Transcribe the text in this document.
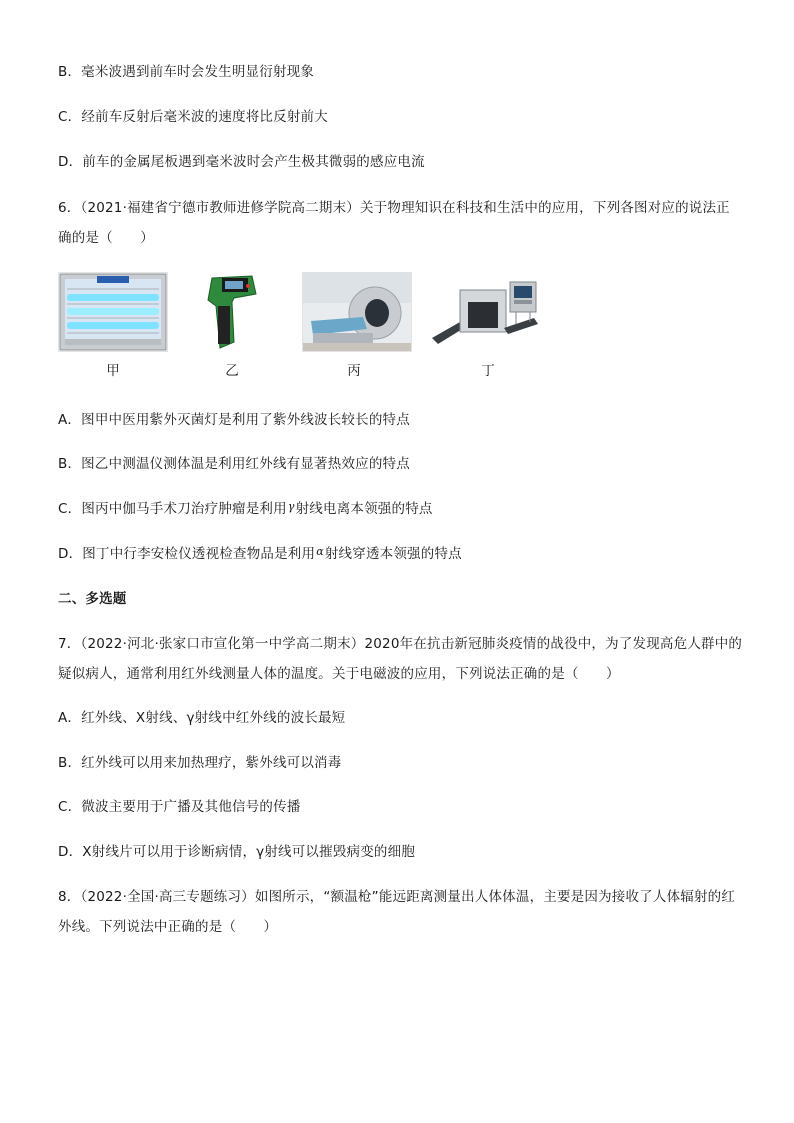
B．毫米波遇到前车时会发生明显衍射现象
C．经前车反射后毫米波的速度将比反射前大
D．前车的金属尾板遇到毫米波时会产生极其微弱的感应电流
6．（2021·福建省宁德市教师进修学院高二期末）关于物理知识在科技和生活中的应用，下列各图对应的说法正
确的是（　　）
甲	乙	丙	丁
A．图甲中医用紫外灭菌灯是利用了紫外线波长较长的特点
B．图乙中测温仪测体温是利用红外线有显著热效应的特点
C．图丙中伽马手术刀治疗肿瘤是利用$^\gamma$射线电离本领强的特点
D．图丁中行李安检仪透视检查物品是利用$^\alpha$射线穿透本领强的特点
二、多选题
7．（2022·河北·张家口市宣化第一中学高二期末）2020年在抗击新冠肺炎疫情的战役中，为了发现高危人群中的
疑似病人，通常利用红外线测量人体的温度。关于电磁波的应用，下列说法正确的是（　　）
A．红外线、X射线、γ射线中红外线的波长最短
B．红外线可以用来加热理疗，紫外线可以消毒
C．微波主要用于广播及其他信号的传播
D．X射线片可以用于诊断病情，γ射线可以摧毁病变的细胞
8．（2022·全国·高三专题练习）如图所示，“额温枪”能远距离测量出人体体温，主要是因为接收了人体辐射的红
外线。下列说法中正确的是（　　）
